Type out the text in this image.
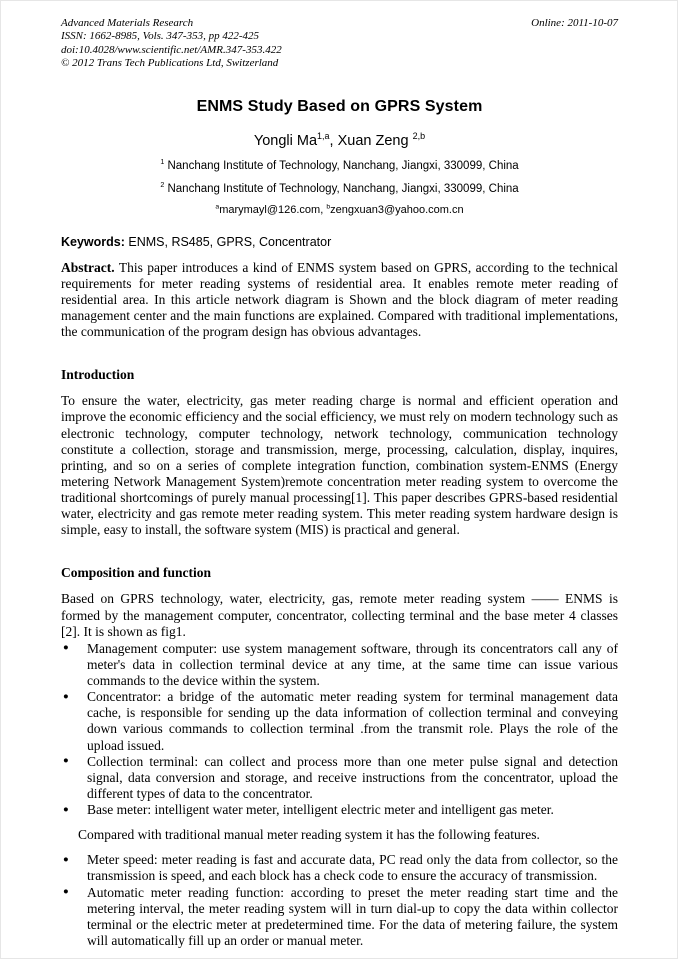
Advanced Materials Research
ISSN: 1662-8985, Vols. 347-353, pp 422-425
doi:10.4028/www.scientific.net/AMR.347-353.422
© 2012 Trans Tech Publications Ltd, Switzerland
Online: 2011-10-07
ENMS Study Based on GPRS System
Yongli Ma$^{1,a}$, Xuan Zeng $^{2,b}$
$^1$ Nanchang Institute of Technology, Nanchang, Jiangxi, 330099, China
$^2$ Nanchang Institute of Technology, Nanchang, Jiangxi, 330099, China
$^a$marymayl@126.com, $^b$zengxuan3@yahoo.com.cn
Keywords: ENMS, RS485, GPRS, Concentrator
Abstract. This paper introduces a kind of ENMS system based on GPRS, according to the technical requirements for meter reading systems of residential area. It enables remote meter reading of residential area. In this article network diagram is Shown and the block diagram of meter reading management center and the main functions are explained. Compared with traditional implementations, the communication of the program design has obvious advantages.
Introduction

To ensure the water, electricity, gas meter reading charge is normal and efficient operation and improve the economic efficiency and the social efficiency, we must rely on modern technology such as electronic technology, computer technology, network technology, communication technology constitute a collection, storage and transmission, merge, processing, calculation, display, inquires, printing, and so on a series of complete integration function, combination system-ENMS (Energy metering Network Management System)remote concentration meter reading system to overcome the traditional shortcomings of purely manual processing[1]. This paper describes GPRS-based residential water, electricity and gas remote meter reading system. This meter reading system hardware design is simple, easy to install, the software system (MIS) is practical and general.

Composition and function

Based on GPRS technology, water, electricity, gas, remote meter reading system —— ENMS is formed by the management computer, concentrator, collecting terminal and the base meter 4 classes [2]. It is shown as fig1.

●	Management computer: use system management software, through its concentrators call any of meter's data in collection terminal device at any time, at the same time can issue various commands to the device within the system.
●	Concentrator: a bridge of the automatic meter reading system for terminal management data cache, is responsible for sending up the data information of collection terminal and conveying down various commands to collection terminal .from the transmit role. Plays the role of the upload issued.
●	Collection terminal: can collect and process more than one meter pulse signal and detection signal, data conversion and storage, and receive instructions from the concentrator, upload the different types of data to the concentrator.
●	Base meter: intelligent water meter, intelligent electric meter and intelligent gas meter.

Compared with traditional manual meter reading system it has the following features.

●	Meter speed: meter reading is fast and accurate data, PC read only the data from collector, so the transmission is speed, and each block has a check code to ensure the accuracy of transmission.
●	Automatic meter reading function: according to preset the meter reading start time and the metering interval, the meter reading system will in turn dial-up to copy the data within collector terminal or the electric meter at predetermined time. For the data of metering failure, the system will automatically fill up an order or manual meter.
